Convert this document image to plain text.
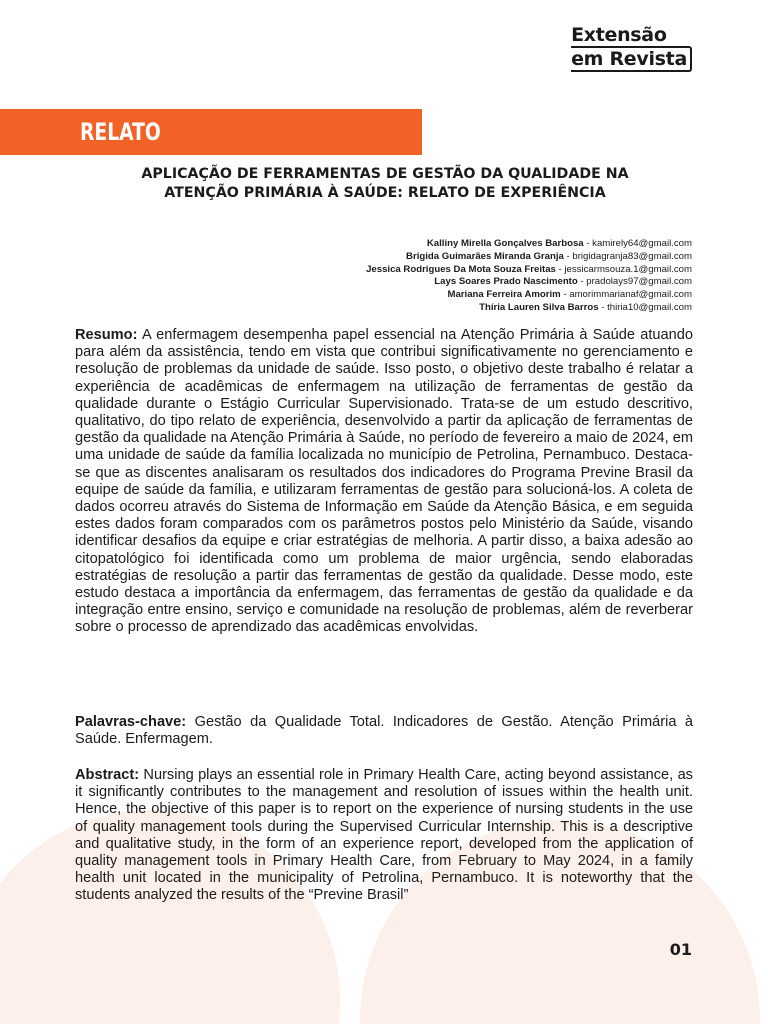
Extensão
em Revista
RELATO
APLICAÇÃO DE FERRAMENTAS DE GESTÃO DA QUALIDADE NA ATENÇÃO PRIMÁRIA À SAÚDE: RELATO DE EXPERIÊNCIA
Kalliny Mirella Gonçalves Barbosa - kamirely64@gmail.com
Brigida Guimarães Miranda Granja - brigidagranja83@gmail.com
Jessica Rodrigues Da Mota Souza Freitas - jessicarmsouza.1@gmail.com
Lays Soares Prado Nascimento - pradolays97@gmail.com
Mariana Ferreira Amorim - amorimmarianaf@gmail.com
Thíria Lauren Silva Barros - thiria10@gmail.com
Resumo: A enfermagem desempenha papel essencial na Atenção Primária à Saúde atuando para além da assistência, tendo em vista que contribui significativamente no gerenciamento e resolução de problemas da unidade de saúde. Isso posto, o objetivo deste trabalho é relatar a experiência de acadêmicas de enfermagem na utilização de ferramentas de gestão da qualidade durante o Estágio Curricular Supervisionado. Trata-se de um estudo descritivo, qualitativo, do tipo relato de experiência, desenvolvido a partir da aplicação de ferramentas de gestão da qualidade na Atenção Primária à Saúde, no período de fevereiro a maio de 2024, em uma unidade de saúde da família localizada no município de Petrolina, Pernambuco. Destaca-se que as discentes analisaram os resultados dos indicadores do Programa Previne Brasil da equipe de saúde da família, e utilizaram ferramentas de gestão para solucioná-los. A coleta de dados ocorreu através do Sistema de Informação em Saúde da Atenção Básica, e em seguida estes dados foram comparados com os parâmetros postos pelo Ministério da Saúde, visando identificar desafios da equipe e criar estratégias de melhoria. A partir disso, a baixa adesão ao citopatológico foi identificada como um problema de maior urgência, sendo elaboradas estratégias de resolução a partir das ferramentas de gestão da qualidade. Desse modo, este estudo destaca a importância da enfermagem, das ferramentas de gestão da qualidade e da integração entre ensino, serviço e comunidade na resolução de problemas, além de reverberar sobre o processo de aprendizado das acadêmicas envolvidas.
Palavras-chave: Gestão da Qualidade Total. Indicadores de Gestão. Atenção Primária à Saúde. Enfermagem.
Abstract: Nursing plays an essential role in Primary Health Care, acting beyond assistance, as it significantly contributes to the management and resolution of issues within the health unit. Hence, the objective of this paper is to report on the experience of nursing students in the use of quality management tools during the Supervised Curricular Internship. This is a descriptive and qualitative study, in the form of an experience report, developed from the application of quality management tools in Primary Health Care, from February to May 2024, in a family health unit located in the municipality of Petrolina, Pernambuco. It is noteworthy that the students analyzed the results of the “Previne Brasil”
01
